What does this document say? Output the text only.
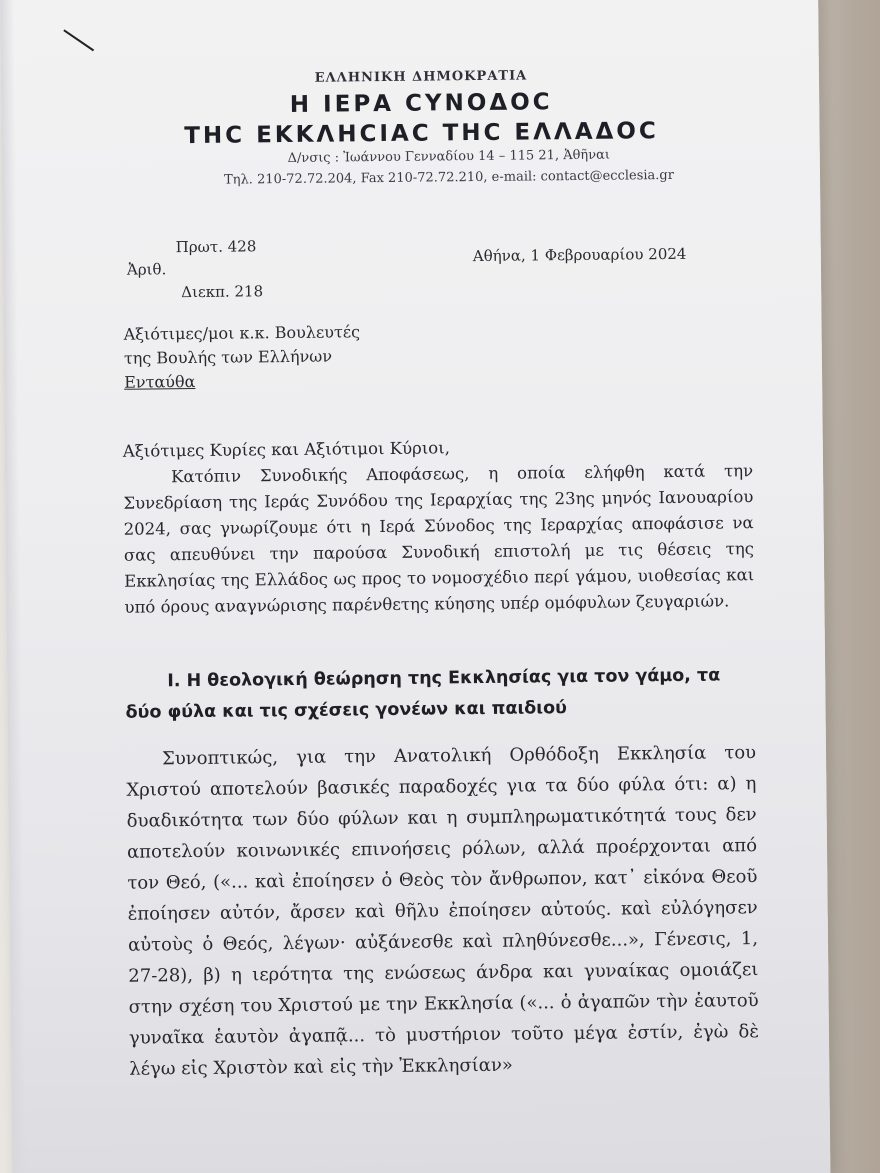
ΕΛΛΗΝΙΚΗ ΔΗΜΟΚΡΑΤΙΑ
Η ΙΕΡΑ CΥΝΟΔΟC
ΤΗC ΕΚΚΛΗCΙΑC ΤΗC ΕΛΛΑΔΟC
Δ/νσις : Ἰωάννου Γενναδίου 14 – 115 21, Ἀθῆναι
Τηλ. 210-72.72.204, Fax 210-72.72.210, e-mail: contact@ecclesia.gr
Πρωτ. 428
Ἀριθ.
Διεκπ. 218
Αθήνα, 1 Φεβρουαρίου 2024
Αξιότιμες/μοι κ.κ. Βουλευτές
της Βουλής των Ελλήνων
Ενταύθα
Αξιότιμες Κυρίες και Αξιότιμοι Κύριοι,
Κατόπιν Συνοδικής Αποφάσεως, η οποία ελήφθη κατά την Συνεδρίαση της Ιεράς Συνόδου της Ιεραρχίας της 23ης μηνός Ιανουαρίου 2024, σας γνωρίζουμε ότι η Ιερά Σύνοδος της Ιεραρχίας αποφάσισε να σας απευθύνει την παρούσα Συνοδική επιστολή με τις θέσεις της Εκκλησίας της Ελλάδος ως προς το νομοσχέδιο περί γάμου, υιοθεσίας και υπό όρους αναγνώρισης παρένθετης κύησης υπέρ ομόφυλων ζευγαριών.
Ι. Η θεολογική θεώρηση της Εκκλησίας για τον γάμο, τα δύο φύλα και τις σχέσεις γονέων και παιδιού
Συνοπτικώς, για την Ανατολική Ορθόδοξη Εκκλησία του Χριστού αποτελούν βασικές παραδοχές για τα δύο φύλα ότι: α) η δυαδικότητα των δύο φύλων και η συμπληρωματικότητά τους δεν αποτελούν κοινωνικές επινοήσεις ρόλων, αλλά προέρχονται από τον Θεό, («... καὶ ἐποίησεν ὁ Θεὸς τὸν ἄνθρωπον, κατ᾽ εἰκόνα Θεοῦ ἐποίησεν αὐτόν, ἄρσεν καὶ θῆλυ ἐποίησεν αὐτούς. καὶ εὐλόγησεν αὐτοὺς ὁ Θεός, λέγων· αὐξάνεσθε καὶ πληθύνεσθε...», Γένεσις, 1, 27-28), β) η ιερότητα της ενώσεως άνδρα και γυναίκας ομοιάζει στην σχέση του Χριστού με την Εκκλησία («... ὁ ἀγαπῶν τὴν ἑαυτοῦ γυναῖκα ἑαυτὸν ἀγαπᾷ... τὸ μυστήριον τοῦτο μέγα ἐστίν, ἐγὼ δὲ λέγω εἰς Χριστὸν καὶ εἰς τὴν Ἐκκλησίαν»
